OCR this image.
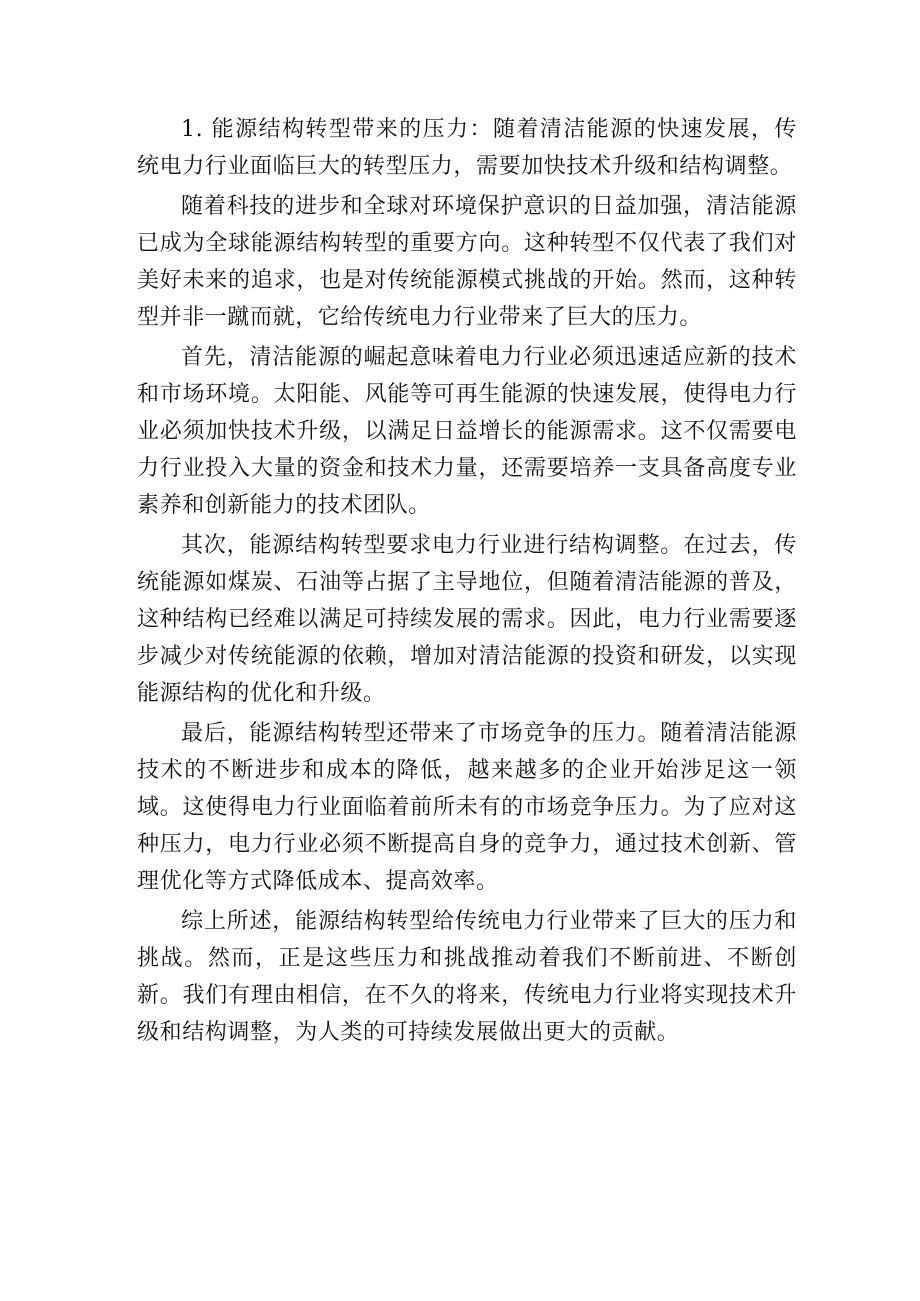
1. 能源结构转型带来的压力：随着清洁能源的快速发展，传统电力行业面临巨大的转型压力，需要加快技术升级和结构调整。

随着科技的进步和全球对环境保护意识的日益加强，清洁能源已成为全球能源结构转型的重要方向。这种转型不仅代表了我们对美好未来的追求，也是对传统能源模式挑战的开始。然而，这种转型并非一蹴而就，它给传统电力行业带来了巨大的压力。

首先，清洁能源的崛起意味着电力行业必须迅速适应新的技术和市场环境。太阳能、风能等可再生能源的快速发展，使得电力行业必须加快技术升级，以满足日益增长的能源需求。这不仅需要电力行业投入大量的资金和技术力量，还需要培养一支具备高度专业素养和创新能力的技术团队。

其次，能源结构转型要求电力行业进行结构调整。在过去，传统能源如煤炭、石油等占据了主导地位，但随着清洁能源的普及，这种结构已经难以满足可持续发展的需求。因此，电力行业需要逐步减少对传统能源的依赖，增加对清洁能源的投资和研发，以实现能源结构的优化和升级。

最后，能源结构转型还带来了市场竞争的压力。随着清洁能源技术的不断进步和成本的降低，越来越多的企业开始涉足这一领域。这使得电力行业面临着前所未有的市场竞争压力。为了应对这种压力，电力行业必须不断提高自身的竞争力，通过技术创新、管理优化等方式降低成本、提高效率。

综上所述，能源结构转型给传统电力行业带来了巨大的压力和挑战。然而，正是这些压力和挑战推动着我们不断前进、不断创新。我们有理由相信，在不久的将来，传统电力行业将实现技术升级和结构调整，为人类的可持续发展做出更大的贡献。
